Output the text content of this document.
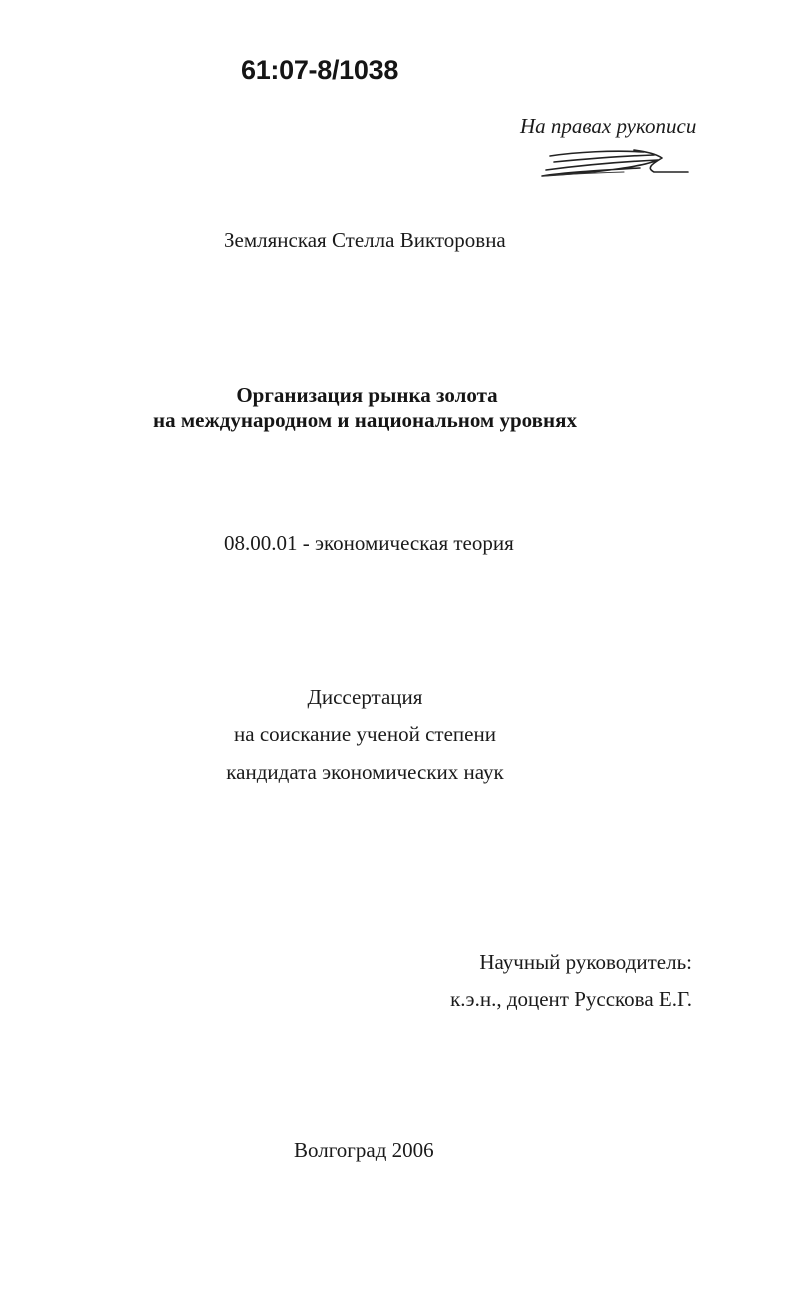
61:07-8/1038
На правах рукописи
Землянская Стелла Викторовна
Организация рынка золота
на международном и национальном уровнях
08.00.01 - экономическая теория
Диссертация
на соискание ученой степени
кандидата экономических наук
Научный руководитель:
к.э.н., доцент Русскова Е.Г.
Волгоград 2006
